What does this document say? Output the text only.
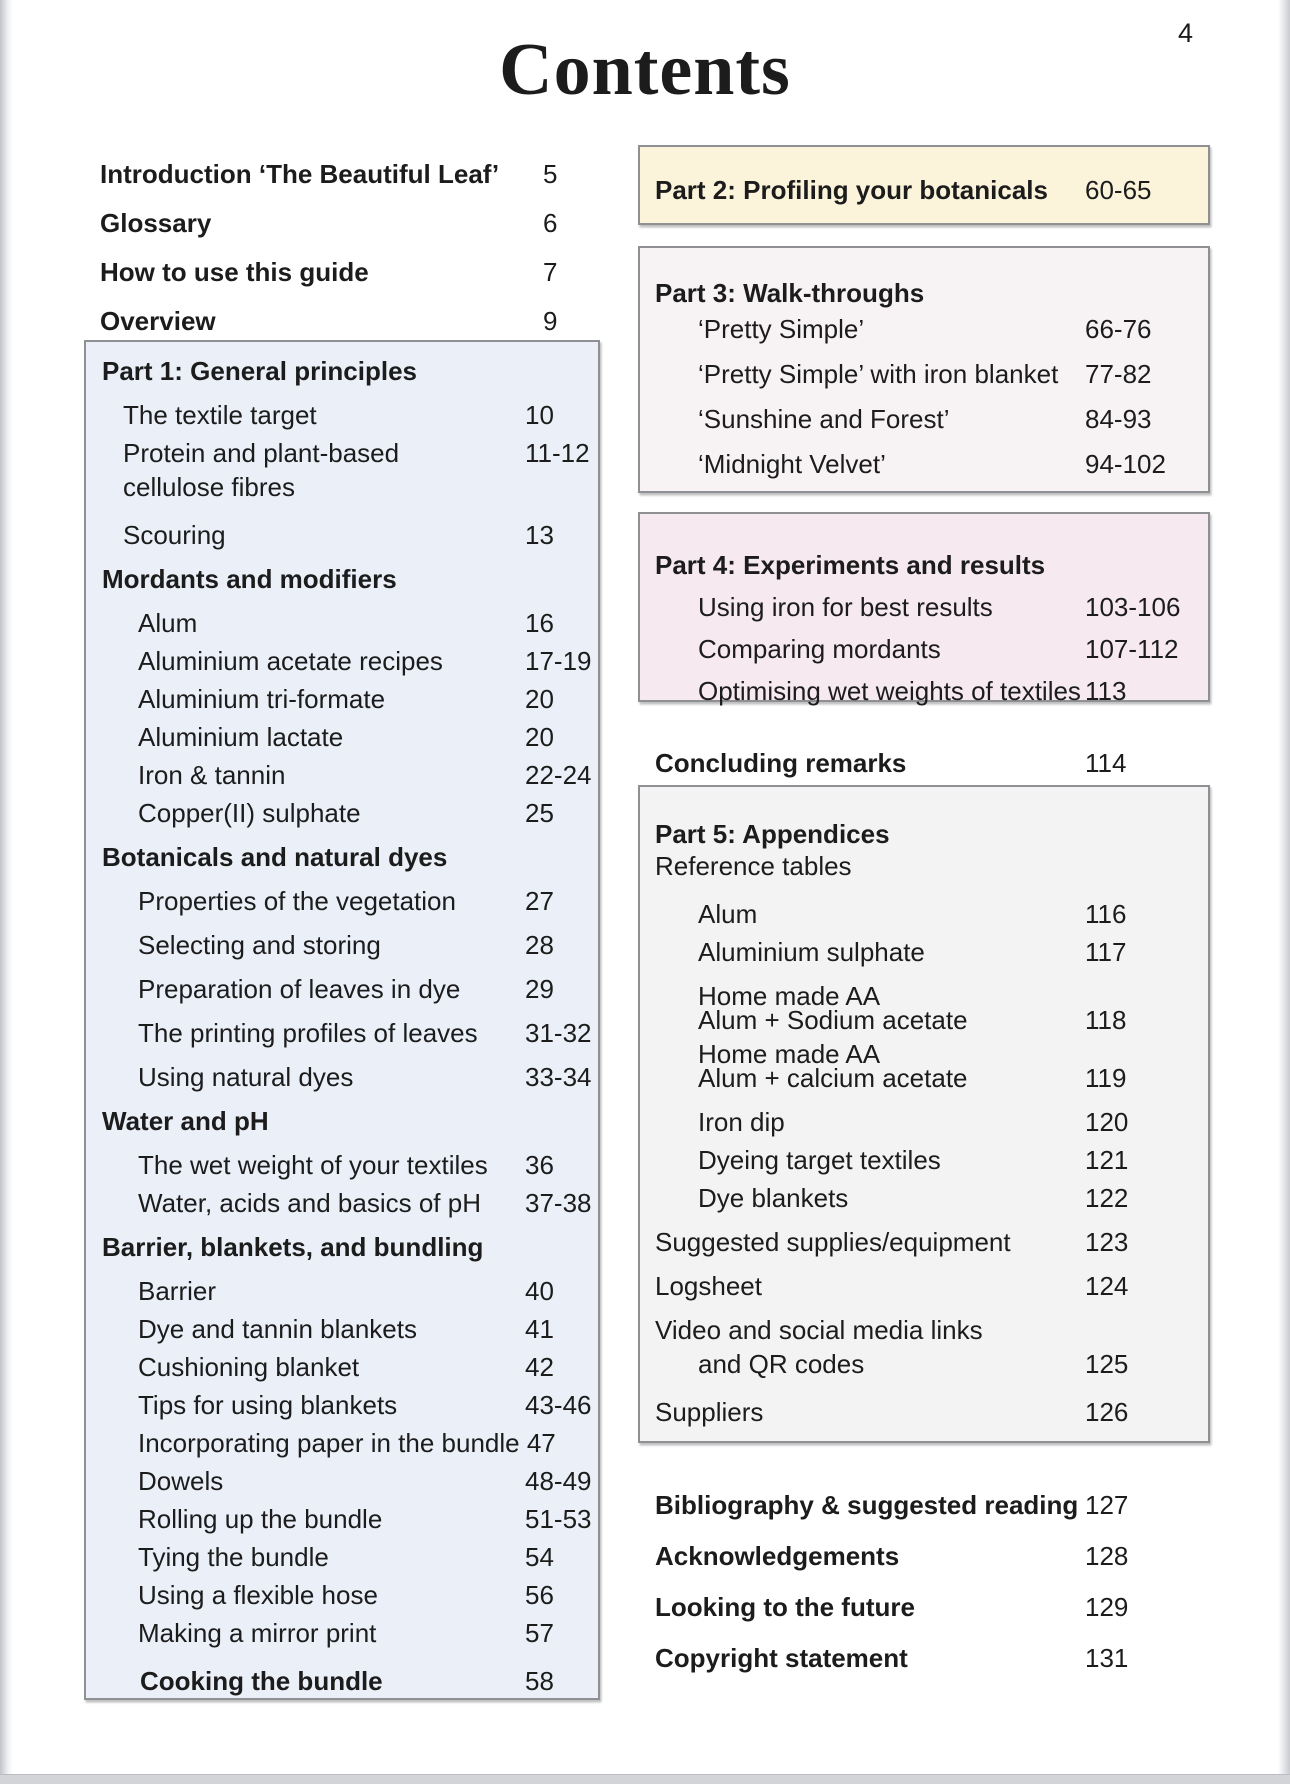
4
Contents
Introduction ‘The Beautiful Leaf’ 5
Glossary	6
How to use this guide	7
Overview	9
Part 1: General principles
The textile target	10
Protein and plant-based	11-12
cellulose fibres
Scouring	13
Mordants and modifiers
Alum	16
Aluminium acetate recipes	17-19
Aluminium tri-formate	20
Aluminium lactate	20
Iron & tannin	22-24
Copper(II) sulphate	25
Botanicals and natural dyes
Properties of the vegetation	27
Selecting and storing	28
Preparation of leaves in dye 29
The printing profiles of leaves 31-32
Using natural dyes	33-34
Water and pH
The wet weight of your textiles 36
Water, acids and basics of pH 37-38
Barrier, blankets, and bundling
Barrier	40
Dye and tannin blankets	41
Cushioning blanket	42
Tips for using blankets	43-46
Incorporating paper in the bundle 47
Dowels	48-49
Rolling up the bundle	51-53
Tying the bundle	54
Using a flexible hose	56
Making a mirror print	57
Cooking the bundle	58
Part 2: Profiling your botanicals 60-65
Part 3: Walk-throughs
‘Pretty Simple’	66-76
‘Pretty Simple’ with iron blanket 77-82
‘Sunshine and Forest’	84-93
‘Midnight Velvet’	94-102
Part 4: Experiments and results
Using iron for best results	103-106
Comparing mordants	107-112
Optimising wet weights of textiles 113
Concluding remarks	114
Part 5: Appendices
Reference tables
Alum	116
Aluminium sulphate	117
Home made AA
Alum + Sodium acetate	118
Home made AA
Alum + calcium acetate	119
Iron dip	120
Dyeing target textiles	121
Dye blankets	122
Suggested supplies/equipment	123
Logsheet	124
Video and social media links
and QR codes	125
Suppliers	126
Bibliography & suggested reading 127
Acknowledgements	128
Looking to the future	129
Copyright statement	131
